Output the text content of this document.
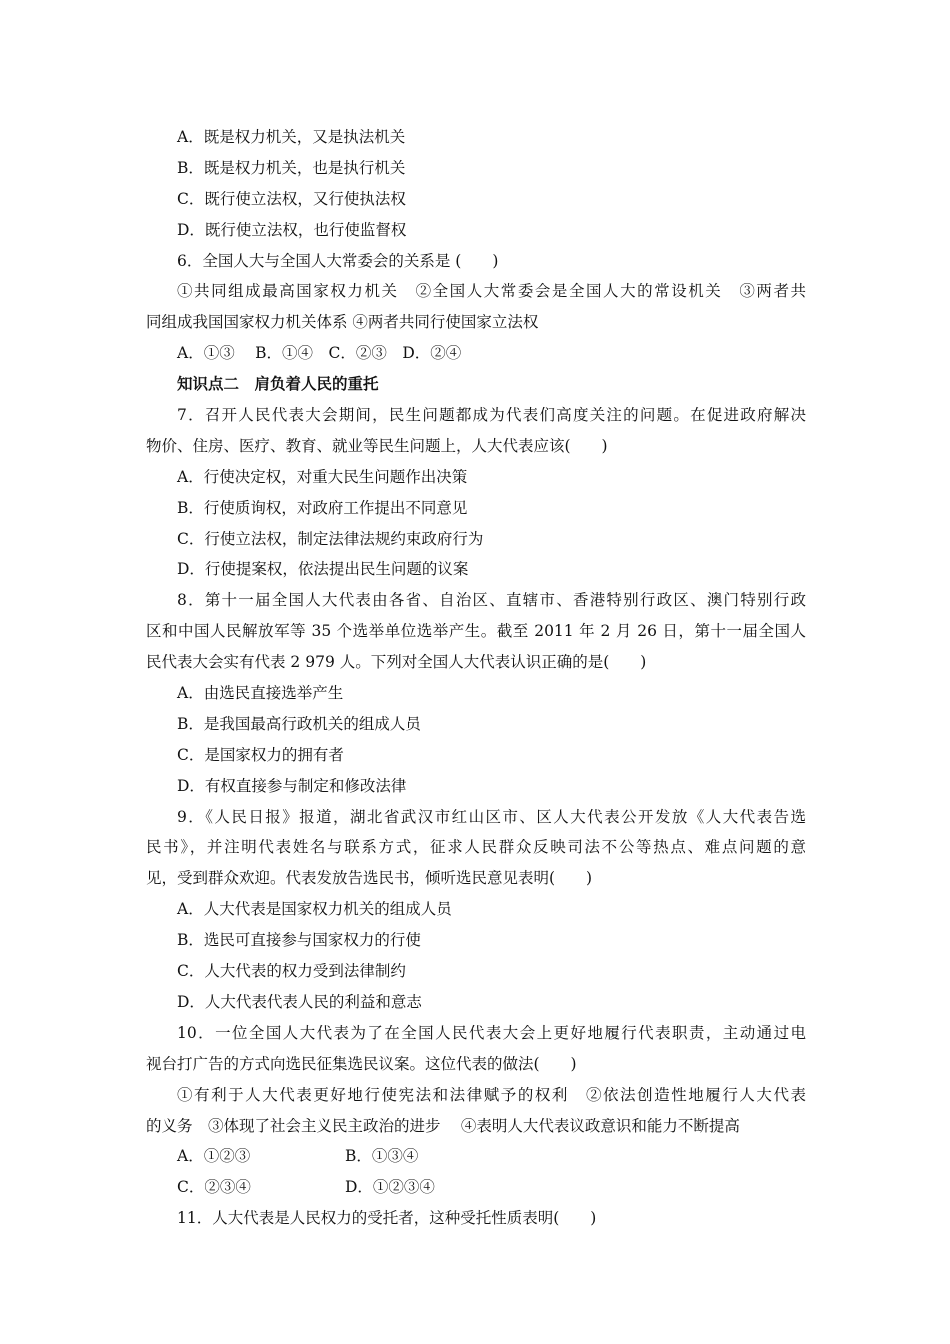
A．既是权力机关，又是执法机关
B．既是权力机关，也是执行机关
C．既行使立法权，又行使执法权
D．既行使立法权，也行使监督权
6．全国人大与全国人大常委会的关系是 (　　)
①共同组成最高国家权力机关　②全国人大常委会是全国人大的常设机关　③两者共
同组成我国国家权力机关体系 ④两者共同行使国家立法权
A．①③　 B．①④　C．②③　D．②④
知识点二　肩负着人民的重托
7．召开人民代表大会期间，民生问题都成为代表们高度关注的问题。在促进政府解决
物价、住房、医疗、教育、就业等民生问题上，人大代表应该(　　)
A．行使决定权，对重大民生问题作出决策
B．行使质询权，对政府工作提出不同意见
C．行使立法权，制定法律法规约束政府行为
D．行使提案权，依法提出民生问题的议案
8．第十一届全国人大代表由各省、自治区、直辖市、香港特别行政区、澳门特别行政
区和中国人民解放军等 35 个选举单位选举产生。截至 2011 年 2 月 26 日，第十一届全国人
民代表大会实有代表 2 979 人。下列对全国人大代表认识正确的是(　　)
A．由选民直接选举产生
B．是我国最高行政机关的组成人员
C．是国家权力的拥有者
D．有权直接参与制定和修改法律
9．《人民日报》报道，湖北省武汉市红山区市、区人大代表公开发放《人大代表告选
民书》，并注明代表姓名与联系方式，征求人民群众反映司法不公等热点、难点问题的意
见，受到群众欢迎。代表发放告选民书，倾听选民意见表明(　　)
A．人大代表是国家权力机关的组成人员
B．选民可直接参与国家权力的行使
C．人大代表的权力受到法律制约
D．人大代表代表人民的利益和意志
10．一位全国人大代表为了在全国人民代表大会上更好地履行代表职责，主动通过电
视台打广告的方式向选民征集选民议案。这位代表的做法(　　)
①有利于人大代表更好地行使宪法和法律赋予的权利　②依法创造性地履行人大代表
的义务　③体现了社会主义民主政治的进步　 ④表明人大代表议政意识和能力不断提高
A．①②③	B．①③④
C．②③④	D．①②③④
11．人大代表是人民权力的受托者，这种受托性质表明(　　)
